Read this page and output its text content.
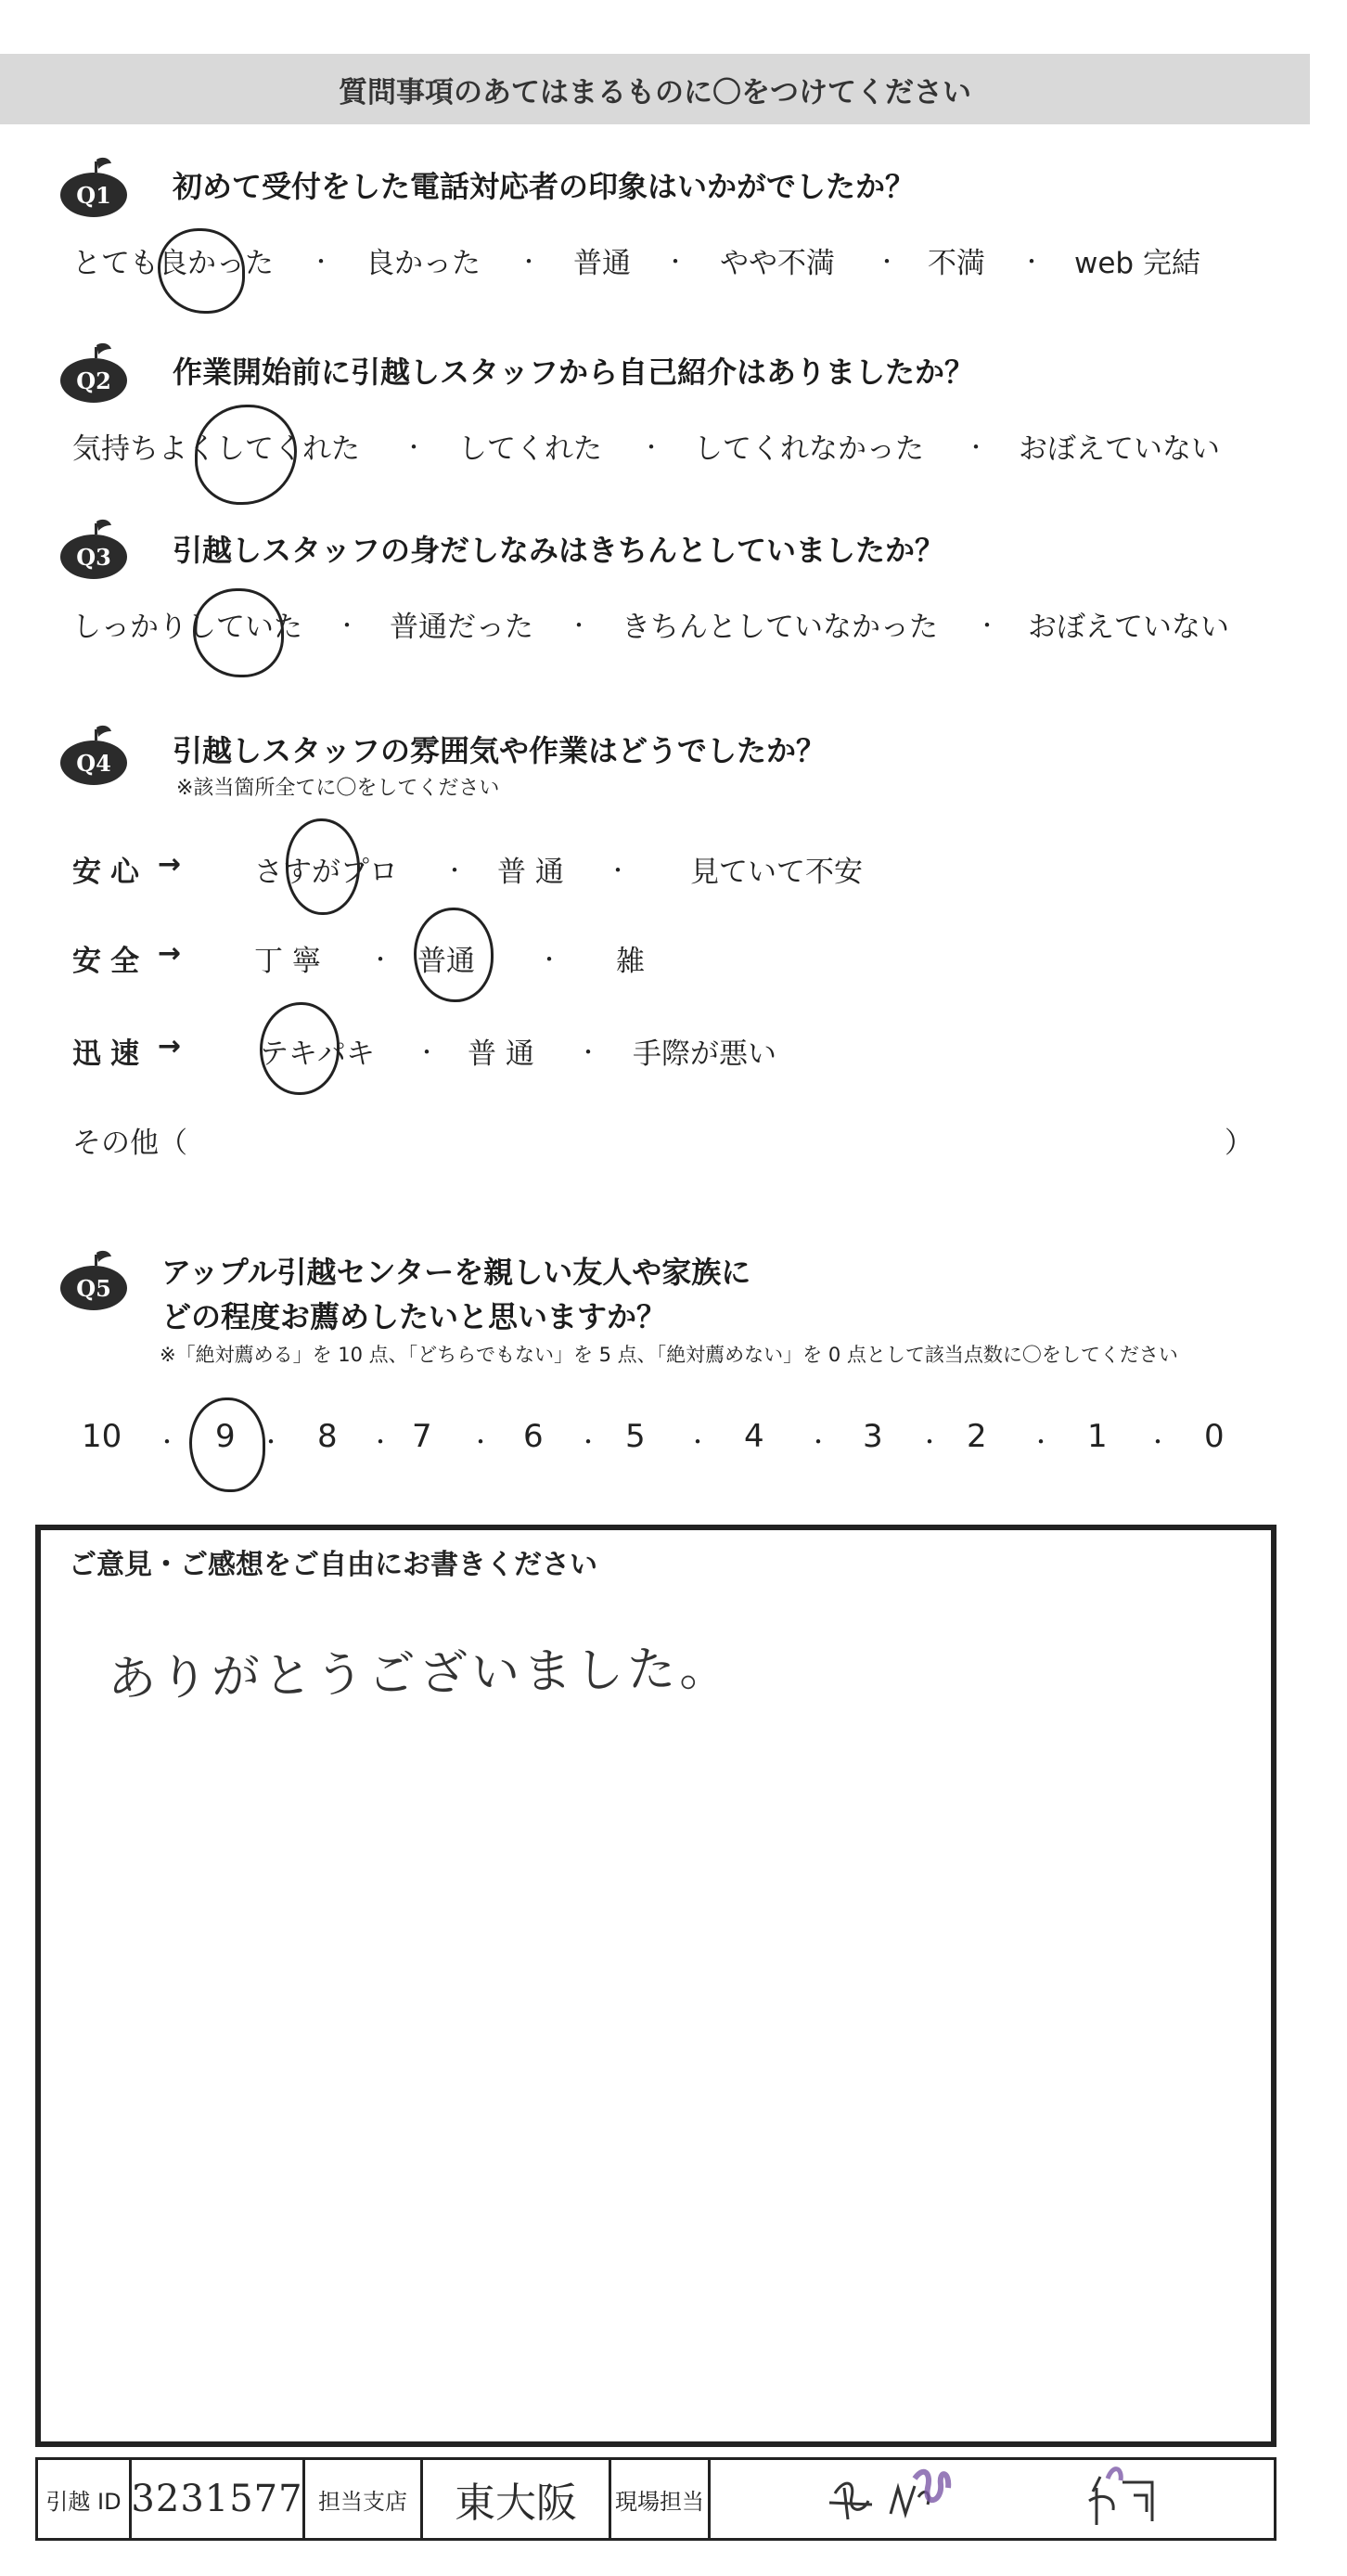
質問事項のあてはまるものに〇をつけてください
Q1 初めて受付をした電話対応者の印象はいかがでしたか？
とても良かった ・ 良かった ・ 普通 ・ やや不満 ・ 不満 ・ web 完結
Q2 作業開始前に引越しスタッフから自己紹介はありましたか？
気持ちよくしてくれた ・ してくれた ・ してくれなかった ・ おぼえていない
Q3 引越しスタッフの身だしなみはきちんとしていましたか？
しっかりしていた ・ 普通だった ・ きちんとしていなかった ・ おぼえていない
Q4 引越しスタッフの雰囲気や作業はどうでしたか？
※該当箇所全てに〇をしてください
安心 →	さすがプロ ・ 普 通 ・ 見ていて不安
安全 →	丁 寧 ・ 普通	・ 雑
迅速 →	テキパキ ・ 普 通 ・ 手際が悪い
その他（	）
Q5 アップル引越センターを親しい友人や家族に
どの程度お薦めしたいと思いますか？
※「絶対薦める」を 10 点、「どちらでもない」を 5 点、「絶対薦めない」を 0 点として該当点数に〇をしてください
10 ・ 9 ・ 8 ・ 7 ・ 6 ・ 5 ・ 4 ・ 3 ・ 2 ・ 1 ・ 0
ご意見・ご感想をご自由にお書きください
ありがとうございました。
引越 ID 3231577 担当支店 東大阪 現場担当
